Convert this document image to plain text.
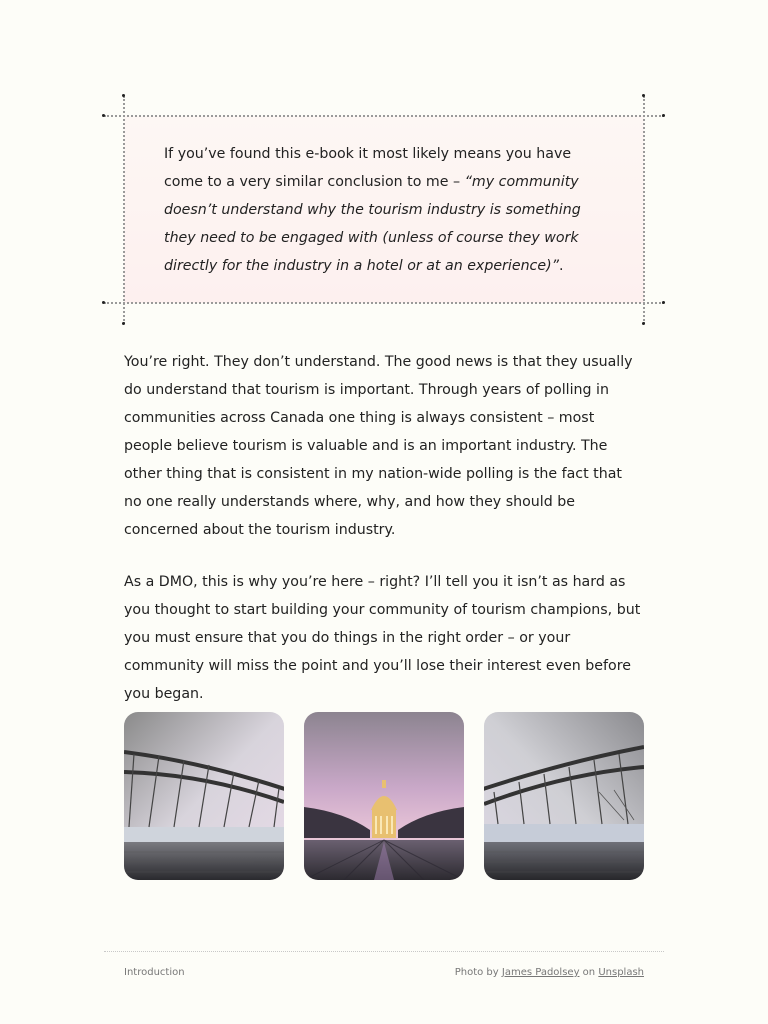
If you’ve found this e-book it most likely means you have come to a very similar conclusion to me – “my community doesn’t understand why the tourism industry is something they need to be engaged with (unless of course they work directly for the industry in a hotel or at an experience)”.

You’re right. They don’t understand. The good news is that they usually do understand that tourism is important. Through years of polling in communities across Canada one thing is always consistent – most people believe tourism is valuable and is an important industry. The other thing that is consistent in my nation-wide polling is the fact that no one really understands where, why, and how they should be concerned about the tourism industry.

As a DMO, this is why you’re here – right? I’ll tell you it isn’t as hard as you thought to start building your community of tourism champions, but you must ensure that you do things in the right order – or your community will miss the point and you’ll lose their interest even before you began.

Introduction	Photo by James Padolsey on Unsplash
